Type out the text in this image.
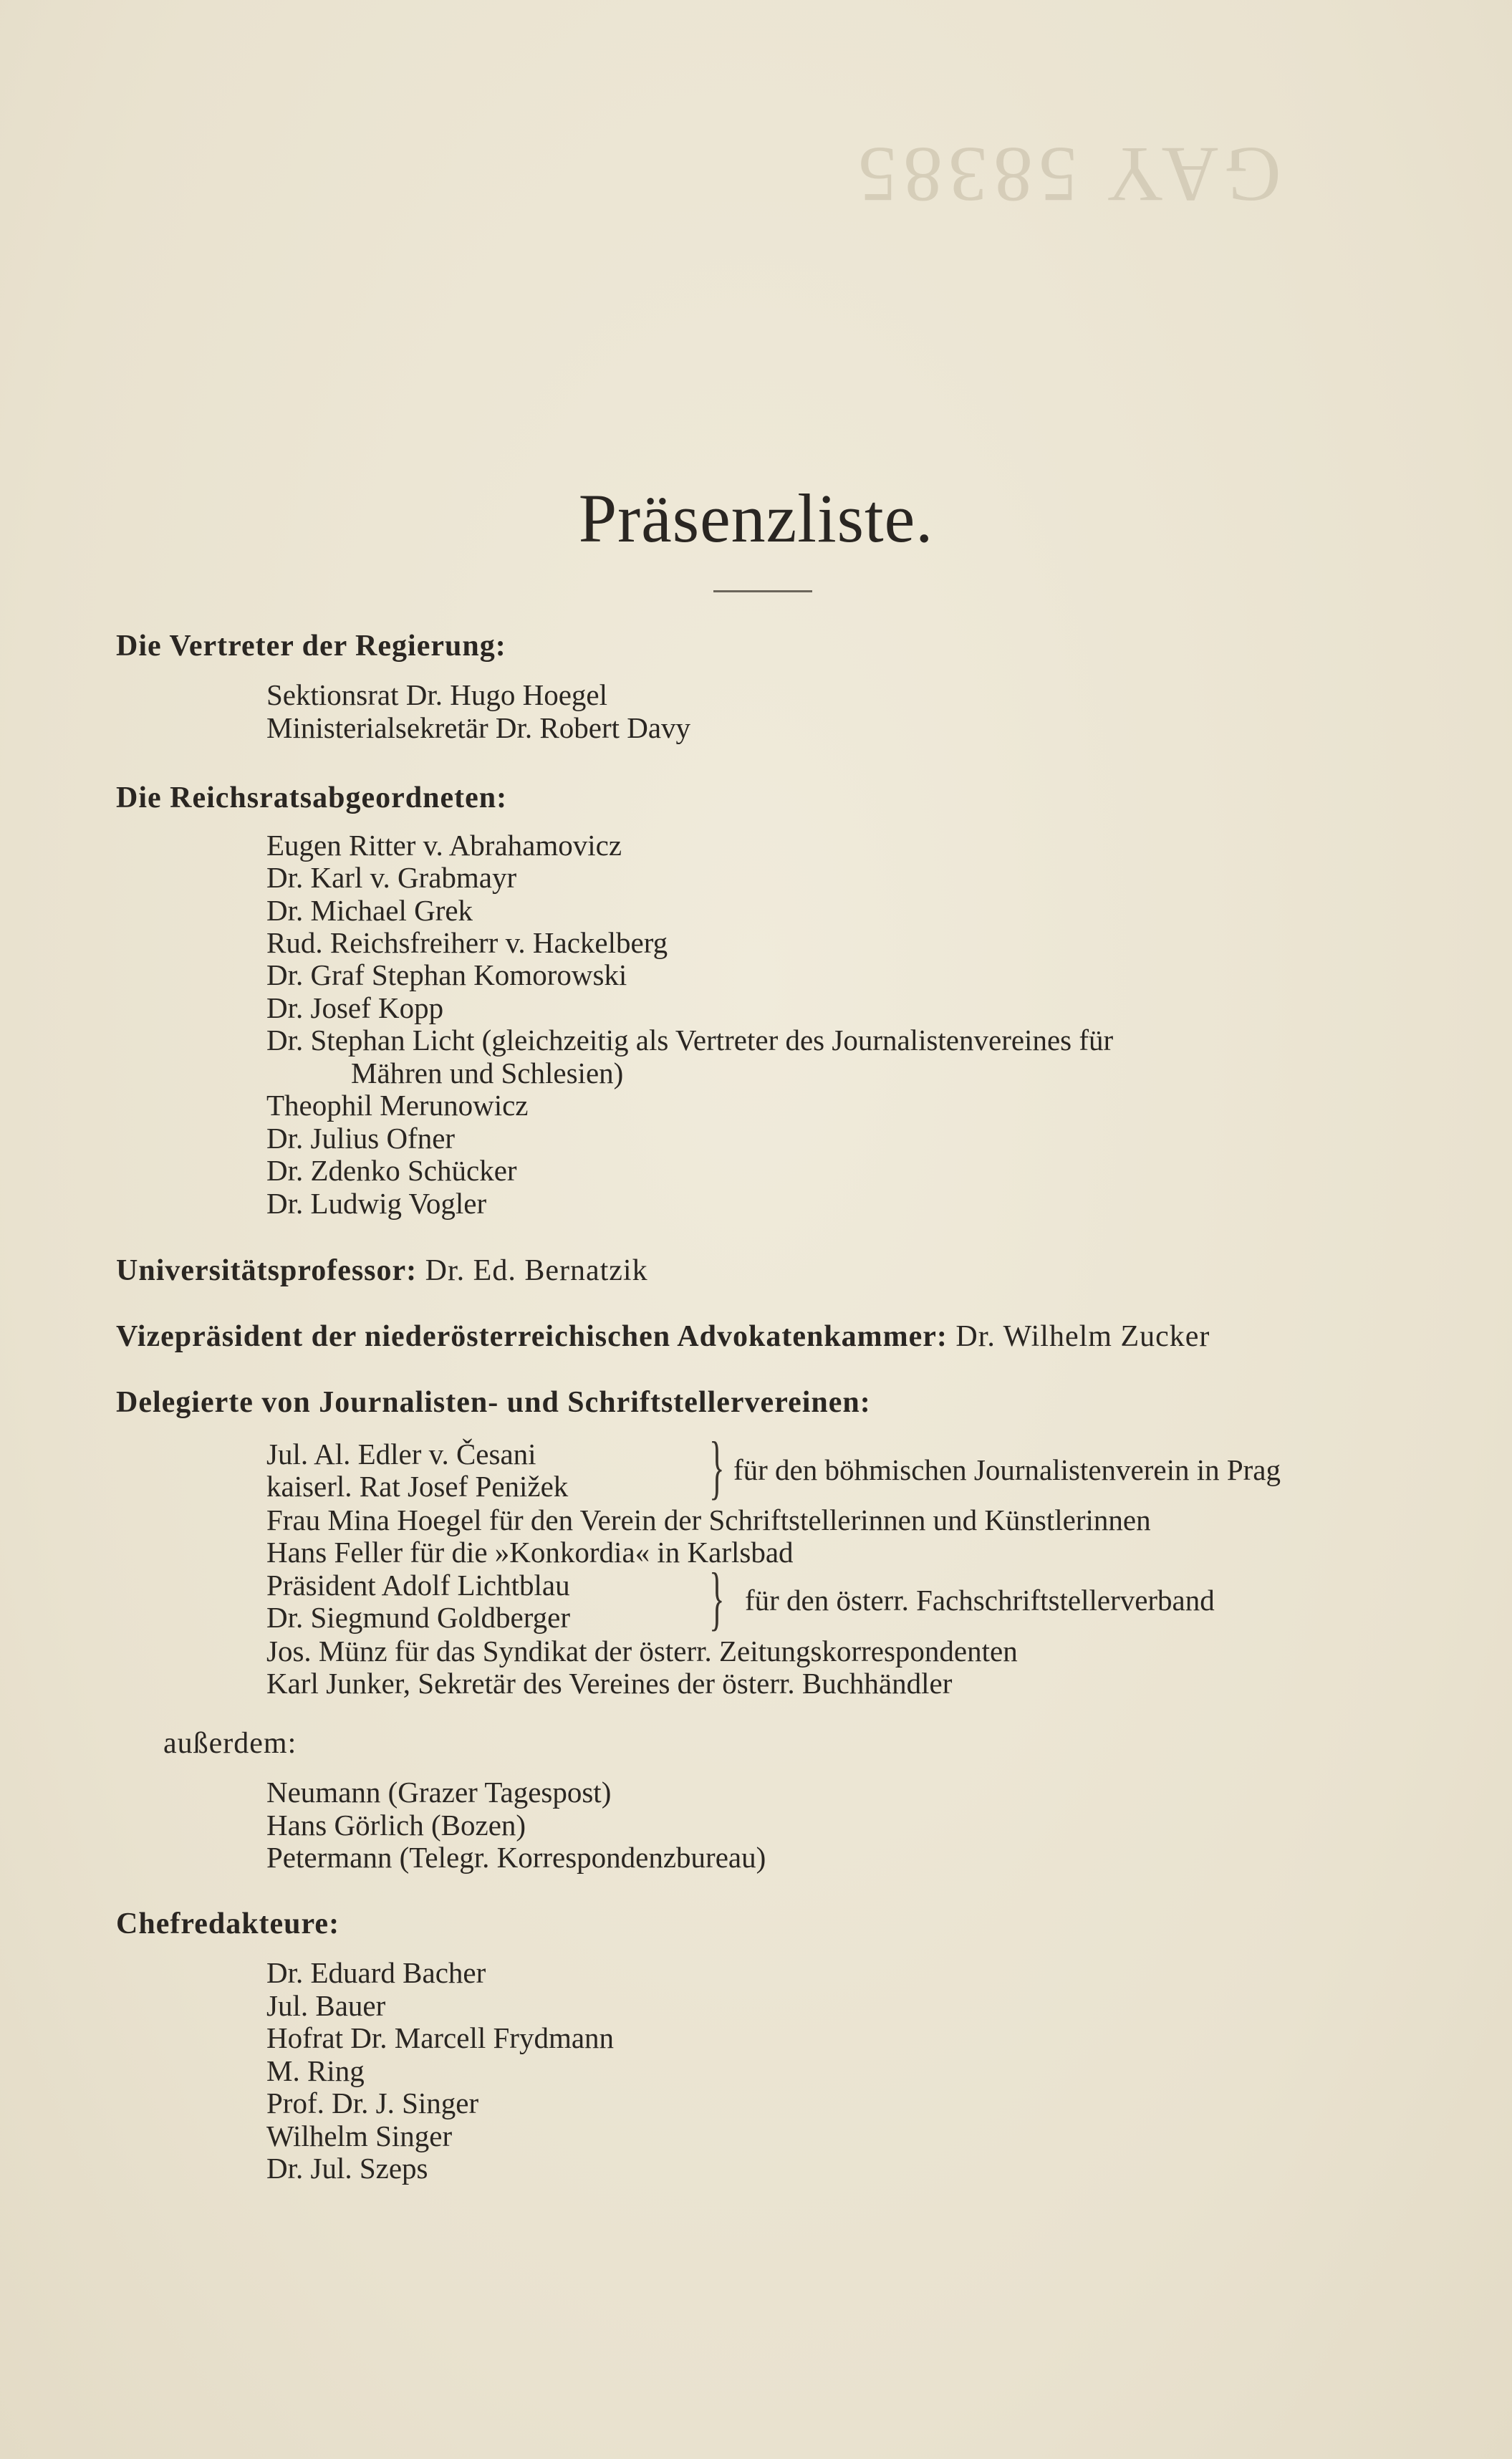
GAY 58385
Präsenzliste.
Die Vertreter der Regierung:
Sektionsrat Dr. Hugo Hoegel
Ministerialsekretär Dr. Robert Davy
Die Reichsratsabgeordneten:
Eugen Ritter v. Abrahamovicz
Dr. Karl v. Grabmayr
Dr. Michael Grek
Rud. Reichsfreiherr v. Hackelberg
Dr. Graf Stephan Komorowski
Dr. Josef Kopp
Dr. Stephan Licht (gleichzeitig als Vertreter des Journalistenvereines für
Mähren und Schlesien)
Theophil Merunowicz
Dr. Julius Ofner
Dr. Zdenko Schücker
Dr. Ludwig Vogler
Universitätsprofessor: Dr. Ed. Bernatzik
Vizepräsident der niederösterreichischen Advokatenkammer: Dr. Wilhelm Zucker
Delegierte von Journalisten- und Schriftstellervereinen:
Jul. Al. Edler v. Česani
kaiserl. Rat Josef Penižek } für den böhmischen Journalistenverein in Prag
Frau Mina Hoegel für den Verein der Schriftstellerinnen und Künstlerinnen
Hans Feller für die »Konkordia« in Karlsbad
Präsident Adolf Lichtblau
Dr. Siegmund Goldberger } für den österr. Fachschriftstellerverband
Jos. Münz für das Syndikat der österr. Zeitungskorrespondenten
Karl Junker, Sekretär des Vereines der österr. Buchhändler
außerdem:
Neumann (Grazer Tagespost)
Hans Görlich (Bozen)
Petermann (Telegr. Korrespondenzbureau)
Chefredakteure:
Dr. Eduard Bacher
Jul. Bauer
Hofrat Dr. Marcell Frydmann
M. Ring
Prof. Dr. J. Singer
Wilhelm Singer
Dr. Jul. Szeps
